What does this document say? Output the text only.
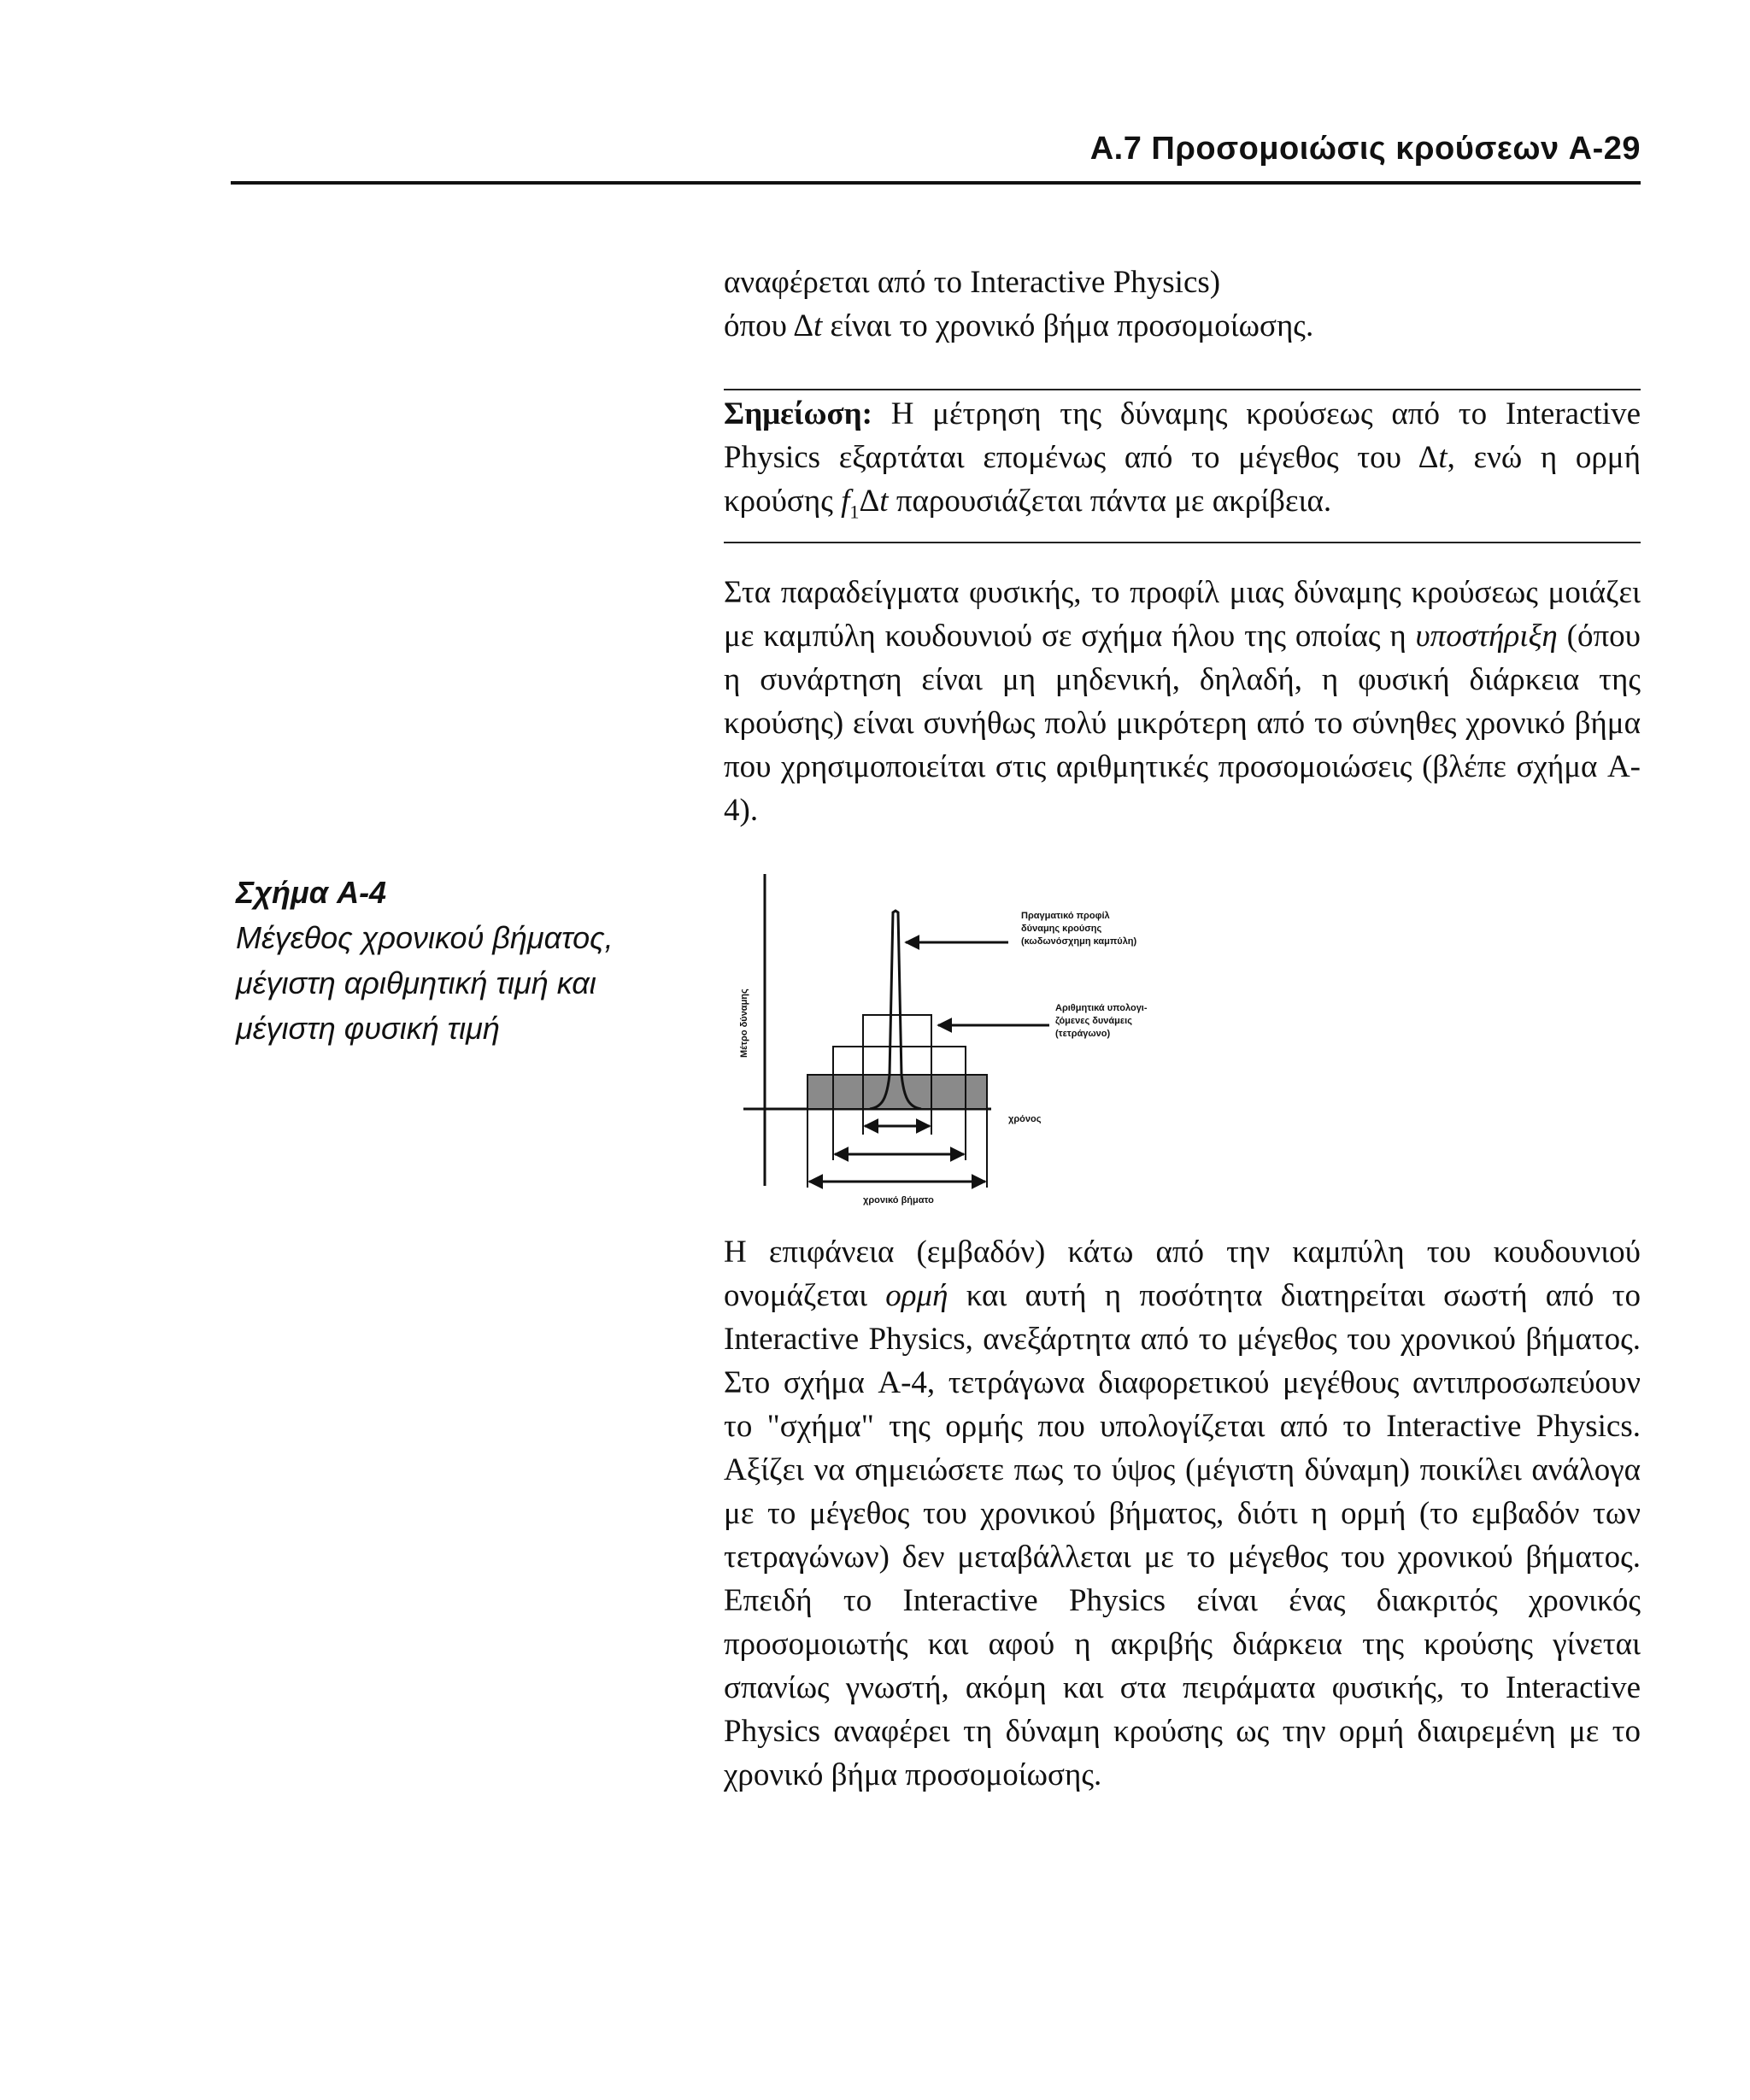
A.7 Προσομοιώσις κρούσεων A-29
αναφέρεται από το Interactive Physics)
όπου Δt είναι το χρονικό βήμα προσομοίωσης.
Σημείωση: Η μέτρηση της δύναμης κρούσεως από το Interactive Physics εξαρτάται επομένως από το μέγεθος του Δt, ενώ η ορμή κρούσης $f_1\Delta t$ παρουσιάζεται πάντα με ακρίβεια.
Στα παραδείγματα φυσικής, το προφίλ μιας δύναμης κρούσεως μοιάζει με καμπύλη κουδουνιού σε σχήμα ήλου της οποίας η υποστήριξη (όπου η συνάρτηση είναι μη μηδενική, δηλαδή, η φυσική διάρκεια της κρούσης) είναι συνήθως πολύ μικρότερη από το σύνηθες χρονικό βήμα που χρησιμοποιείται στις αριθμητικές προσομοιώσεις (βλέπε σχήμα A-4).
Σχήμα A-4
Μέγεθος χρονικού βήματος, μέγιστη αριθμητική τιμή και μέγιστη φυσική τιμή	Μέτρο δύναμης
χρόνος
χρονικό βήματο
Πραγματικό προφίλ δύναμης κρούσης (κωδωνόσχημη καμπύλη)
Αριθμητικά υπολογι- ζόμενες δυνάμεις (τετράγωνο)
Η επιφάνεια (εμβαδόν) κάτω από την καμπύλη του κουδουνιού ονομάζεται ορμή και αυτή η ποσότητα διατηρείται σωστή από το Interactive Physics, ανεξάρτητα από το μέγεθος του χρονικού βήματος. Στο σχήμα A-4, τετράγωνα διαφορετικού μεγέθους αντιπροσωπεύουν το "σχήμα" της ορμής που υπολογίζεται από το Interactive Physics. Αξίζει να σημειώσετε πως το ύψος (μέγιστη δύναμη) ποικίλει ανάλογα με το μέγεθος του χρονικού βήματος, διότι η ορμή (το εμβαδόν των τετραγώνων) δεν μεταβάλλεται με το μέγεθος του χρονικού βήματος. Επειδή το Interactive Physics είναι ένας διακριτός χρονικός προσομοιωτής και αφού η ακριβής διάρκεια της κρούσης γίνεται σπανίως γνωστή, ακόμη και στα πειράματα φυσικής, το Interactive Physics αναφέρει τη δύναμη κρούσης ως την ορμή διαιρεμένη με το χρονικό βήμα προσομοίωσης.
